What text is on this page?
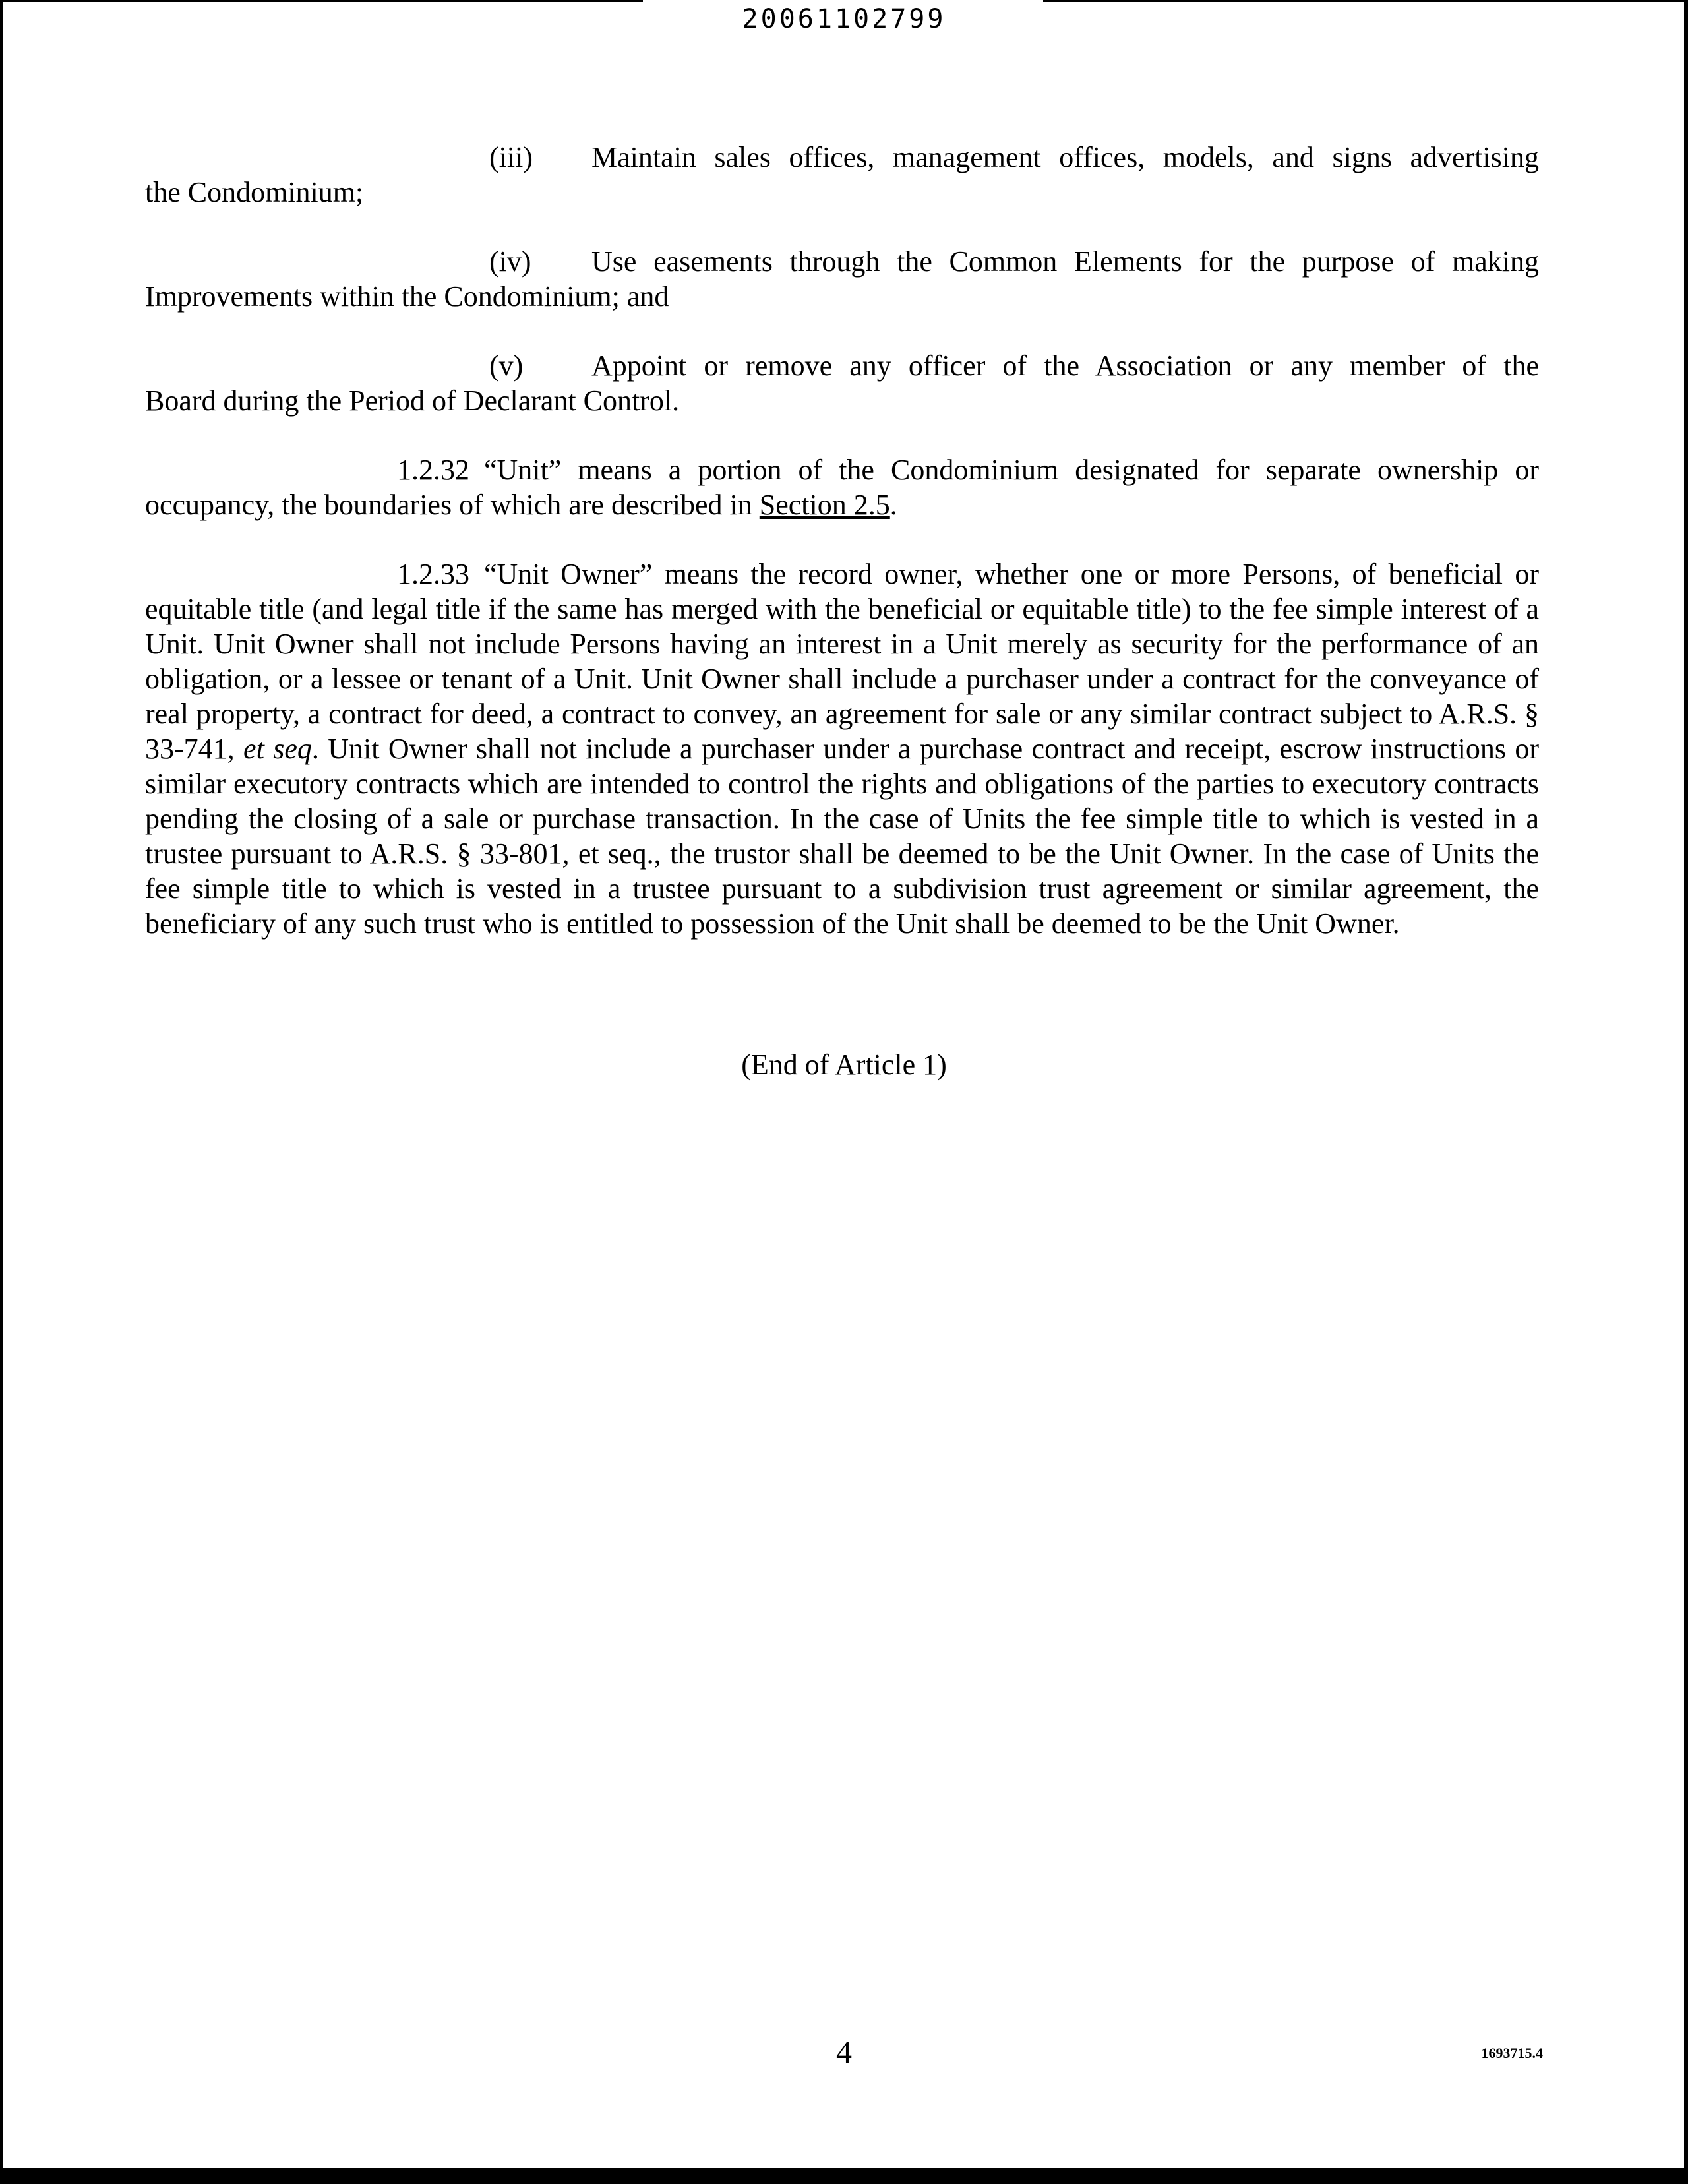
20061102799
(iii)	Maintain sales offices, management offices, models, and signs advertising
the Condominium;
(iv)	Use easements through the Common Elements for the purpose of making
Improvements within the Condominium; and
(v)	Appoint or remove any officer of the Association or any member of the
Board during the Period of Declarant Control.

1.2.32 “Unit” means a portion of the Condominium designated for separate ownership or occupancy, the boundaries of which are described in Section 2.5.

1.2.33 “Unit Owner” means the record owner, whether one or more Persons, of beneficial or equitable title (and legal title if the same has merged with the beneficial or equitable title) to the fee simple interest of a Unit. Unit Owner shall not include Persons having an interest in a Unit merely as security for the performance of an obligation, or a lessee or tenant of a Unit. Unit Owner shall include a purchaser under a contract for the conveyance of real property, a contract for deed, a contract to convey, an agreement for sale or any similar contract subject to A.R.S. § 33-741, et seq. Unit Owner shall not include a purchaser under a purchase contract and receipt, escrow instructions or similar executory contracts which are intended to control the rights and obligations of the parties to executory contracts pending the closing of a sale or purchase transaction. In the case of Units the fee simple title to which is vested in a trustee pursuant to A.R.S. § 33-801, et seq., the trustor shall be deemed to be the Unit Owner. In the case of Units the fee simple title to which is vested in a trustee pursuant to a subdivision trust agreement or similar agreement, the beneficiary of any such trust who is entitled to possession of the Unit shall be deemed to be the Unit Owner.

(End of Article 1)
4	1693715.4
